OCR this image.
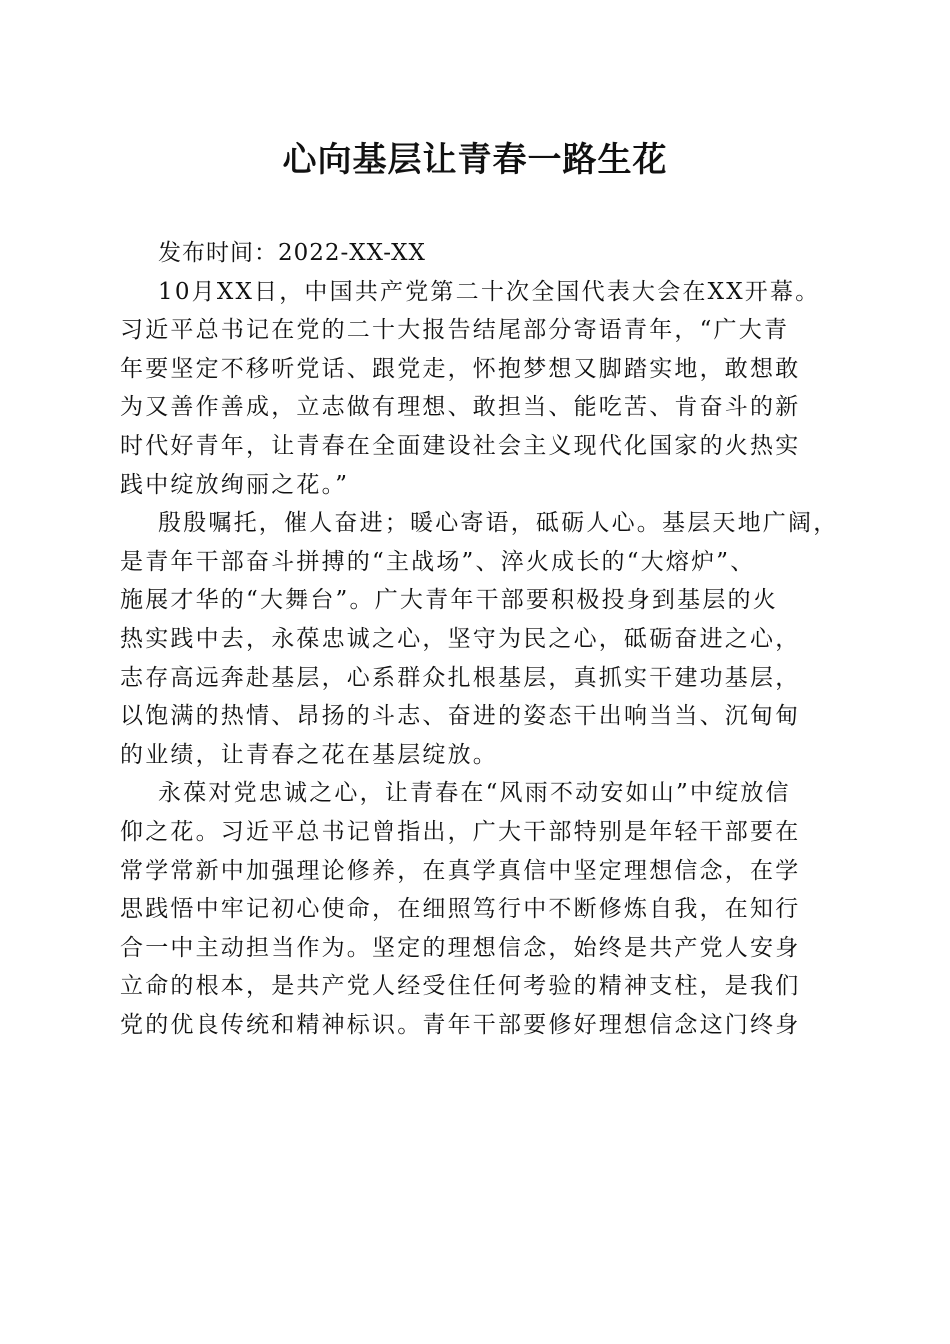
心向基层让青春一路生花
发布时间：2022-XX-XX
10月XX日，中国共产党第二十次全国代表大会在XX开幕。
习近平总书记在党的二十大报告结尾部分寄语青年，“广大青
年要坚定不移听党话、跟党走，怀抱梦想又脚踏实地，敢想敢
为又善作善成，立志做有理想、敢担当、能吃苦、肯奋斗的新
时代好青年，让青春在全面建设社会主义现代化国家的火热实
践中绽放绚丽之花。”
殷殷嘱托，催人奋进；暖心寄语，砥砺人心。基层天地广阔，
是青年干部奋斗拼搏的“主战场”、淬火成长的“大熔炉”、
施展才华的“大舞台”。广大青年干部要积极投身到基层的火
热实践中去，永葆忠诚之心，坚守为民之心，砥砺奋进之心，
志存高远奔赴基层，心系群众扎根基层，真抓实干建功基层，
以饱满的热情、昂扬的斗志、奋进的姿态干出响当当、沉甸甸
的业绩，让青春之花在基层绽放。
永葆对党忠诚之心，让青春在“风雨不动安如山”中绽放信
仰之花。习近平总书记曾指出，广大干部特别是年轻干部要在
常学常新中加强理论修养，在真学真信中坚定理想信念，在学
思践悟中牢记初心使命，在细照笃行中不断修炼自我，在知行
合一中主动担当作为。坚定的理想信念，始终是共产党人安身
立命的根本，是共产党人经受住任何考验的精神支柱，是我们
党的优良传统和精神标识。青年干部要修好理想信念这门终身
